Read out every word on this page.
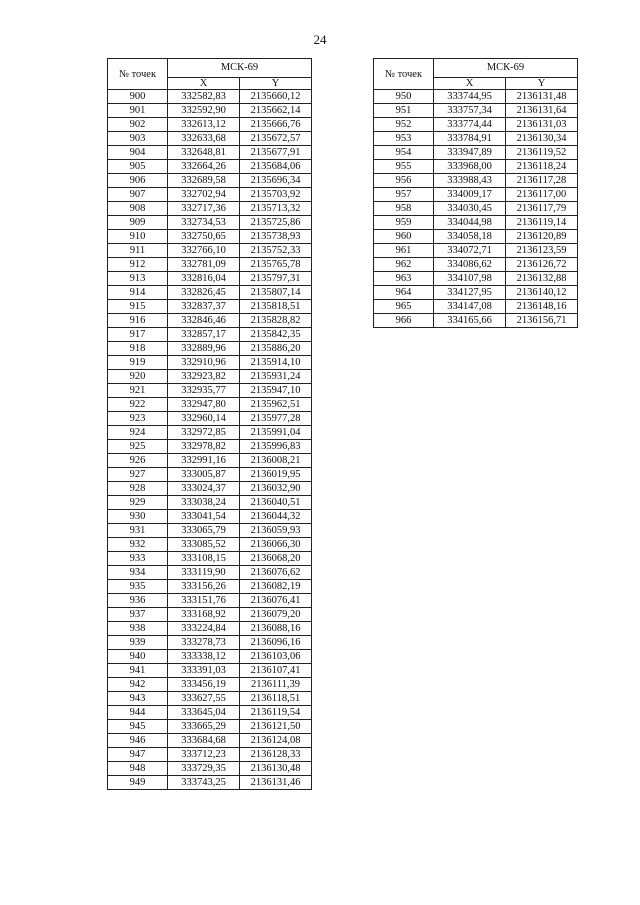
24
№ точек	МСК-69	
	X	Y
900	332582,83	2135660,12
901	332592,90	2135662,14
902	332613,12	2135666,76
903	332633,68	2135672,57
904	332648,81	2135677,91
905	332664,26	2135684,06
906	332689,58	2135696,34
907	332702,94	2135703,92
908	332717,36	2135713,32
909	332734,53	2135725,86
910	332750,65	2135738,93
911	332766,10	2135752,33
912	332781,09	2135765,78
913	332816,04	2135797,31
914	332826,45	2135807,14
915	332837,37	2135818,51
916	332846,46	2135828,82
917	332857,17	2135842,35
918	332889,96	2135886,20
919	332910,96	2135914,10
920	332923,82	2135931,24
921	332935,77	2135947,10
922	332947,80	2135962,51
923	332960,14	2135977,28
924	332972,85	2135991,04
925	332978,82	2135996,83
926	332991,16	2136008,21
927	333005,87	2136019,95
928	333024,37	2136032,90
929	333038,24	2136040,51
930	333041,54	2136044,32
931	333065,79	2136059,93
932	333085,52	2136066,30
933	333108,15	2136068,20
934	333119,90	2136076,62
935	333156,26	2136082,19
936	333151,76	2136076,41
937	333168,92	2136079,20
938	333224,84	2136088,16
939	333278,73	2136096,16
940	333338,12	2136103,06
941	333391,03	2136107,41
942	333456,19	2136111,39
943	333627,55	2136118,51
944	333645,04	2136119,54
945	333665,29	2136121,50
946	333684,68	2136124,08
947	333712,23	2136128,33
948	333729,35	2136130,48
949	333743,25	2136131,46
№ точек	МСК-69	
	X	Y
950	333744,95	2136131,48
951	333757,34	2136131,64
952	333774,44	2136131,03
953	333784,91	2136130,34
954	333947,89	2136119,52
955	333968,00	2136118,24
956	333988,43	2136117,28
957	334009,17	2136117,00
958	334030,45	2136117,79
959	334044,98	2136119,14
960	334058,18	2136120,89
961	334072,71	2136123,59
962	334086,62	2136126,72
963	334107,98	2136132,88
964	334127,95	2136140,12
965	334147,08	2136148,16
966	334165,66	2136156,71
